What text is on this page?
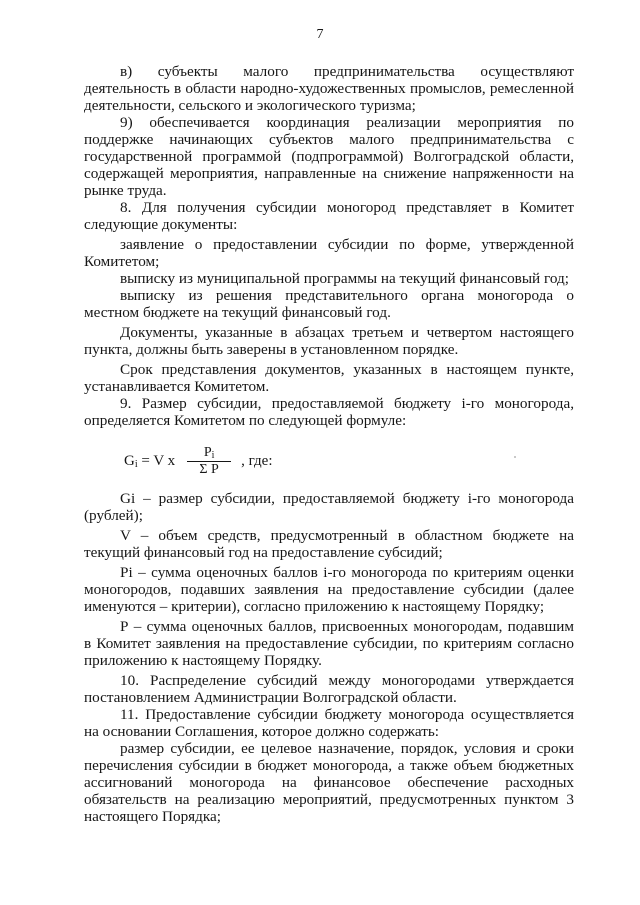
7

в) субъекты малого предпринимательства осуществляют деятельность в области народно-художественных промыслов, ремесленной деятельности, сельского и экологического туризма;

9) обеспечивается координация реализации мероприятия по поддержке начинающих субъектов малого предпринимательства с государственной программой (подпрограммой) Волгоградской области, содержащей мероприятия, направленные на снижение напряженности на рынке труда.

8. Для получения субсидии моногород представляет в Комитет следующие документы:

заявление о предоставлении субсидии по форме, утвержденной Комитетом;

выписку из муниципальной программы на текущий финансовый год;

выписку из решения представительного органа моногорода о местном бюджете на текущий финансовый год.

Документы, указанные в абзацах третьем и четвертом настоящего пункта, должны быть заверены в установленном порядке.

Срок представления документов, указанных в настоящем пункте, устанавливается Комитетом.

9. Размер субсидии, предоставляемой бюджету i-го моногорода, определяется Комитетом по следующей формуле:

$G_i = V$ x $\frac{P_i}{\text{Σ P}}$ , где:

Gi – размер субсидии, предоставляемой бюджету i-го моногорода (рублей);

V – объем средств, предусмотренный в областном бюджете на текущий финансовый год на предоставление субсидий;

Pi – сумма оценочных баллов i-го моногорода по критериям оценки моногородов, подавших заявления на предоставление субсидии (далее именуются – критерии), согласно приложению к настоящему Порядку;

Р – сумма оценочных баллов, присвоенных моногородам, подавшим в Комитет заявления на предоставление субсидии, по критериям согласно приложению к настоящему Порядку.

10. Распределение субсидий между моногородами утверждается постановлением Администрации Волгоградской области.

11. Предоставление субсидии бюджету моногорода осуществляется на основании Соглашения, которое должно содержать:

размер субсидии, ее целевое назначение, порядок, условия и сроки перечисления субсидии в бюджет моногорода, а также объем бюджетных ассигнований моногорода на финансовое обеспечение расходных обязательств на реализацию мероприятий, предусмотренных пунктом 3 настоящего Порядка;
